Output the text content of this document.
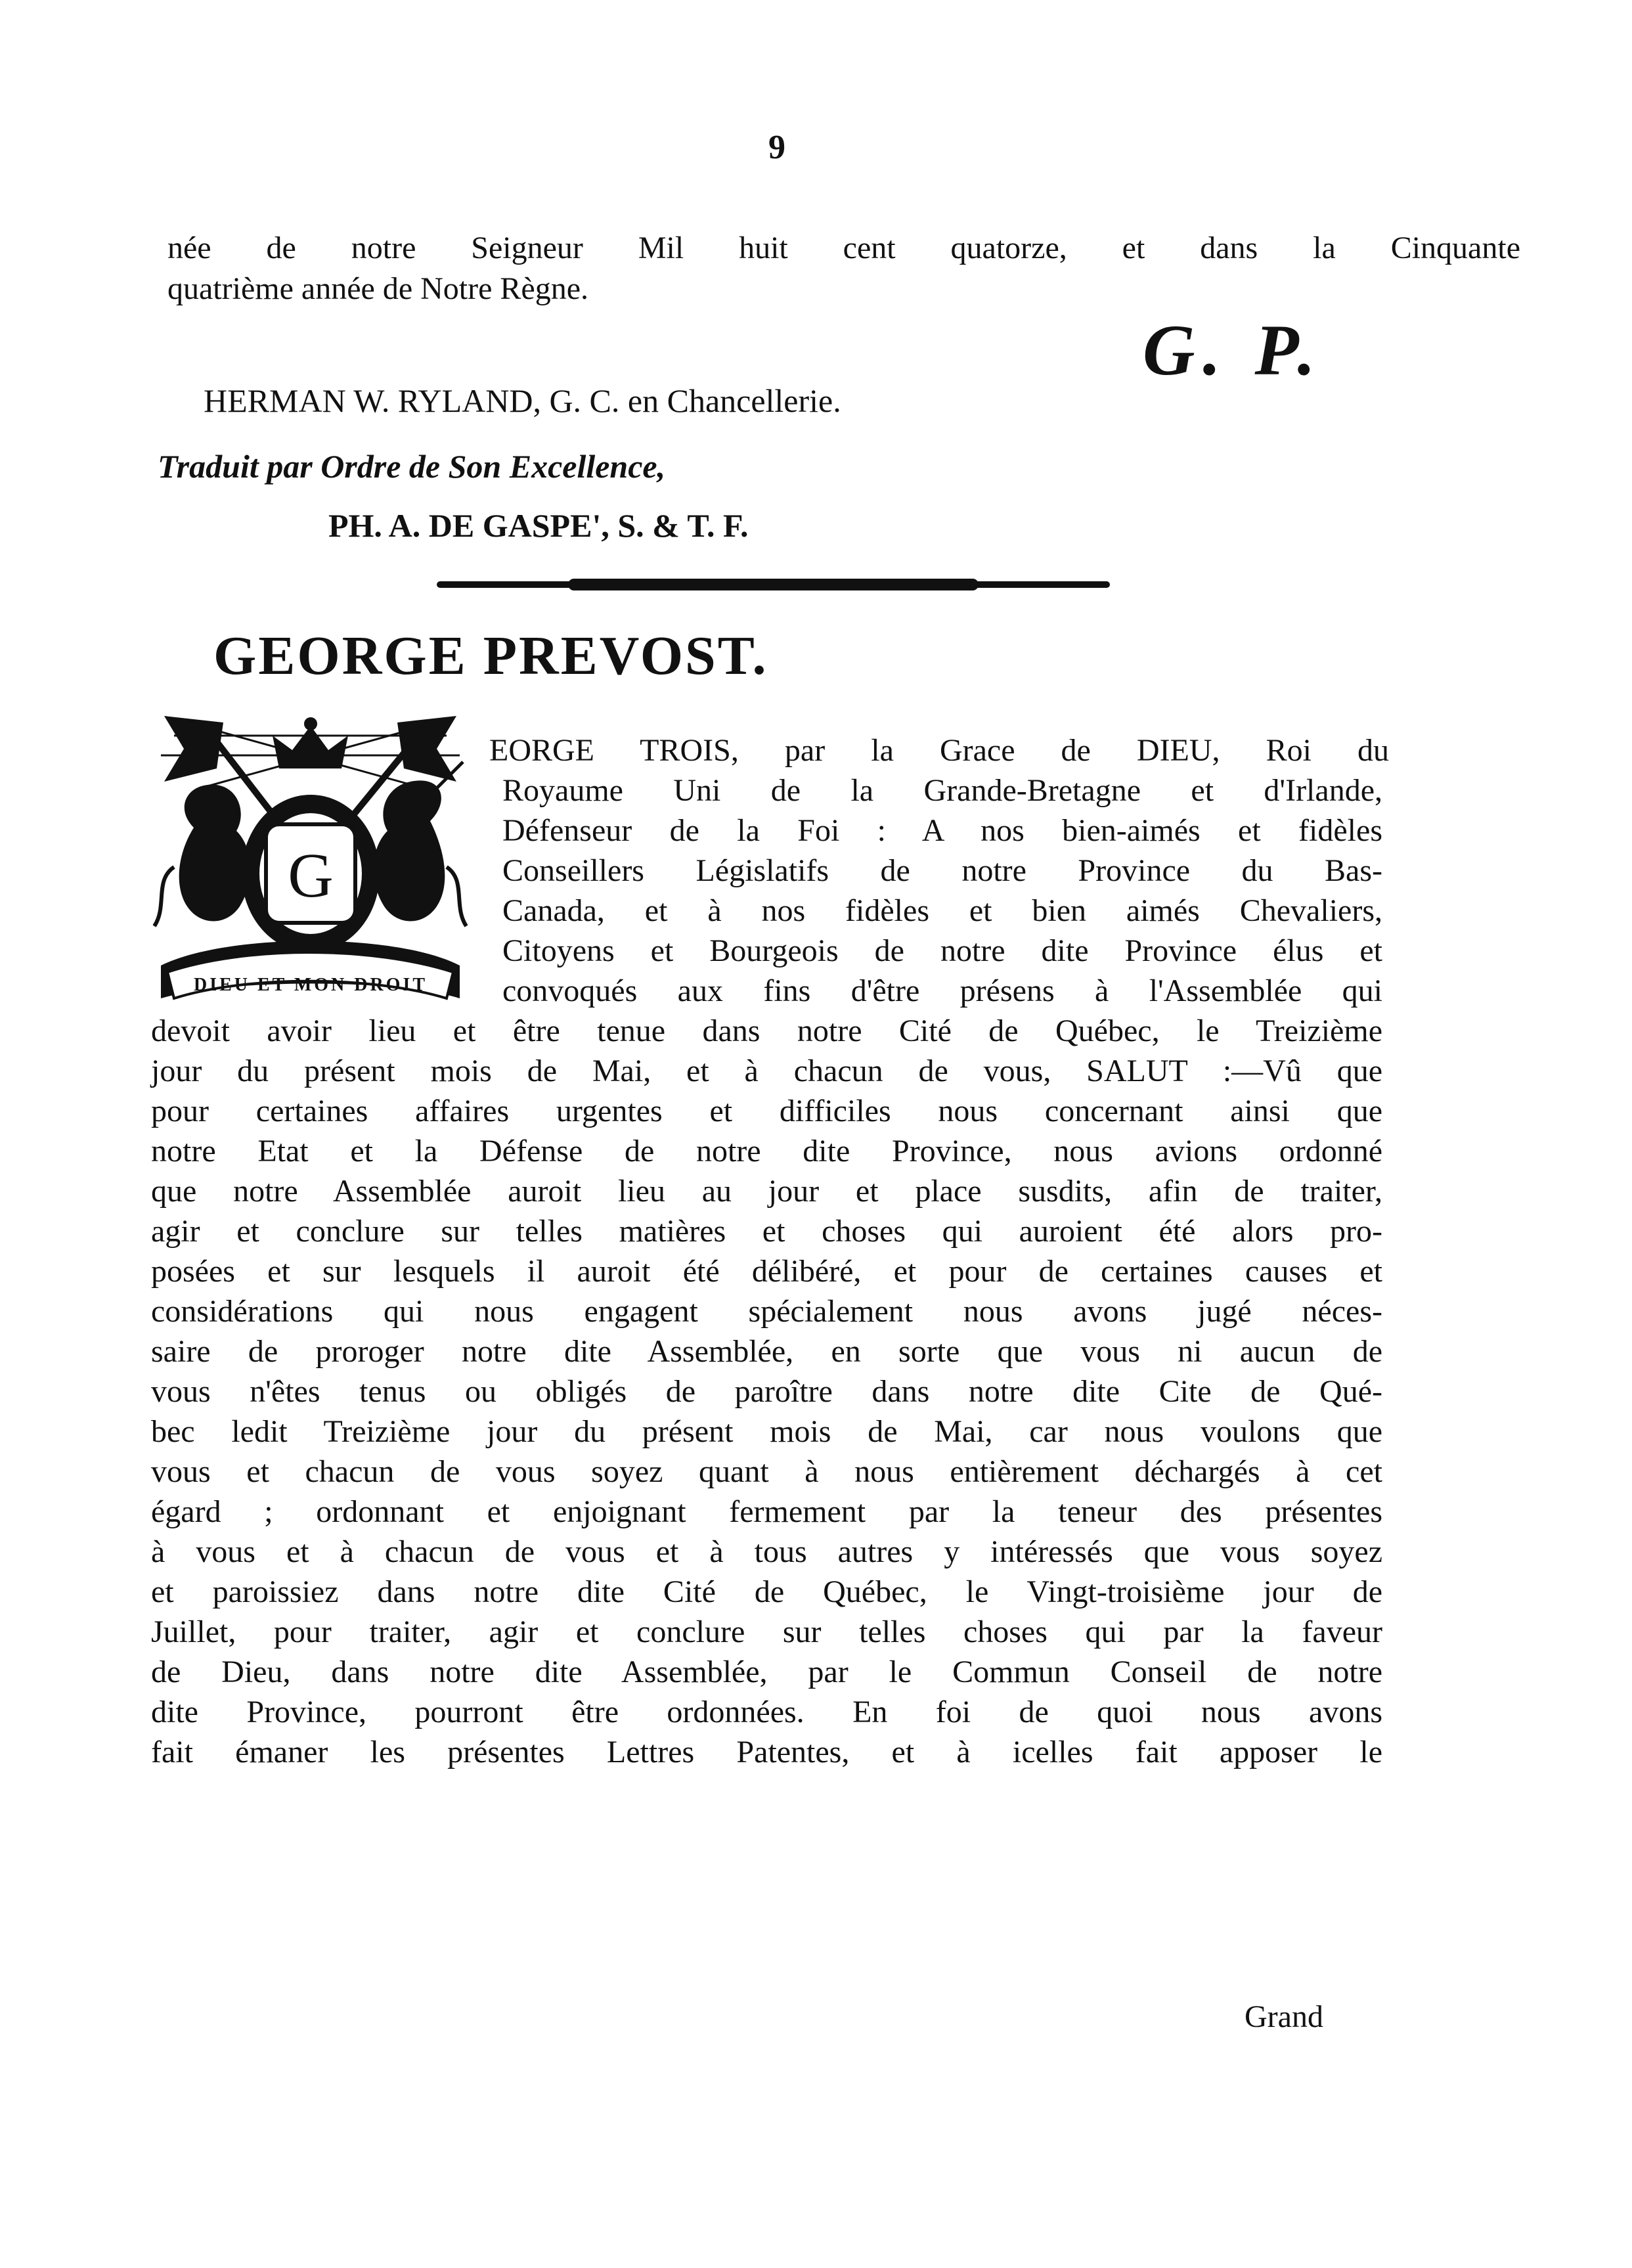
9
née de notre Seigneur Mil huit cent quatorze, et dans la Cinquante
quatrième année de Notre Règne.
G. P.
HERMAN W. RYLAND, G. C. en Chancellerie.
Traduit par Ordre de Son Excellence,
PH. A. DE GASPE', S. & T. F.
GEORGE PREVOST.
G
DIEU ET MON DROIT
EORGE TROIS, par la Grace de DIEU, Roi du
Royaume Uni de la Grande-Bretagne et d'Irlande,
Défenseur de la Foi : A nos bien-aimés et fidèles
Conseillers Législatifs de notre Province du Bas-
Canada, et à nos fidèles et bien aimés Chevaliers,
Citoyens et Bourgeois de notre dite Province élus et
convoqués aux fins d'être présens à l'Assemblée qui
devoit avoir lieu et être tenue dans notre Cité de Québec, le Treizième
jour du présent mois de Mai, et à chacun de vous, SALUT :—Vû que
pour certaines affaires urgentes et difficiles nous concernant ainsi que
notre Etat et la Défense de notre dite Province, nous avions ordonné
que notre Assemblée auroit lieu au jour et place susdits, afin de traiter,
agir et conclure sur telles matières et choses qui auroient été alors pro-
posées et sur lesquels il auroit été délibéré, et pour de certaines causes et
considérations qui nous engagent spécialement nous avons jugé néces-
saire de proroger notre dite Assemblée, en sorte que vous ni aucun de
vous n'êtes tenus ou obligés de paroître dans notre dite Cite de Qué-
bec ledit Treizième jour du présent mois de Mai, car nous voulons que
vous et chacun de vous soyez quant à nous entièrement déchargés à cet
égard ; ordonnant et enjoignant fermement par la teneur des présentes
à vous et à chacun de vous et à tous autres y intéressés que vous soyez
et paroissiez dans notre dite Cité de Québec, le Vingt-troisième jour de
Juillet, pour traiter, agir et conclure sur telles choses qui par la faveur
de Dieu, dans notre dite Assemblée, par le Commun Conseil de notre
dite Province, pourront être ordonnées. En foi de quoi nous avons
fait émaner les présentes Lettres Patentes, et à icelles fait apposer le
Grand
